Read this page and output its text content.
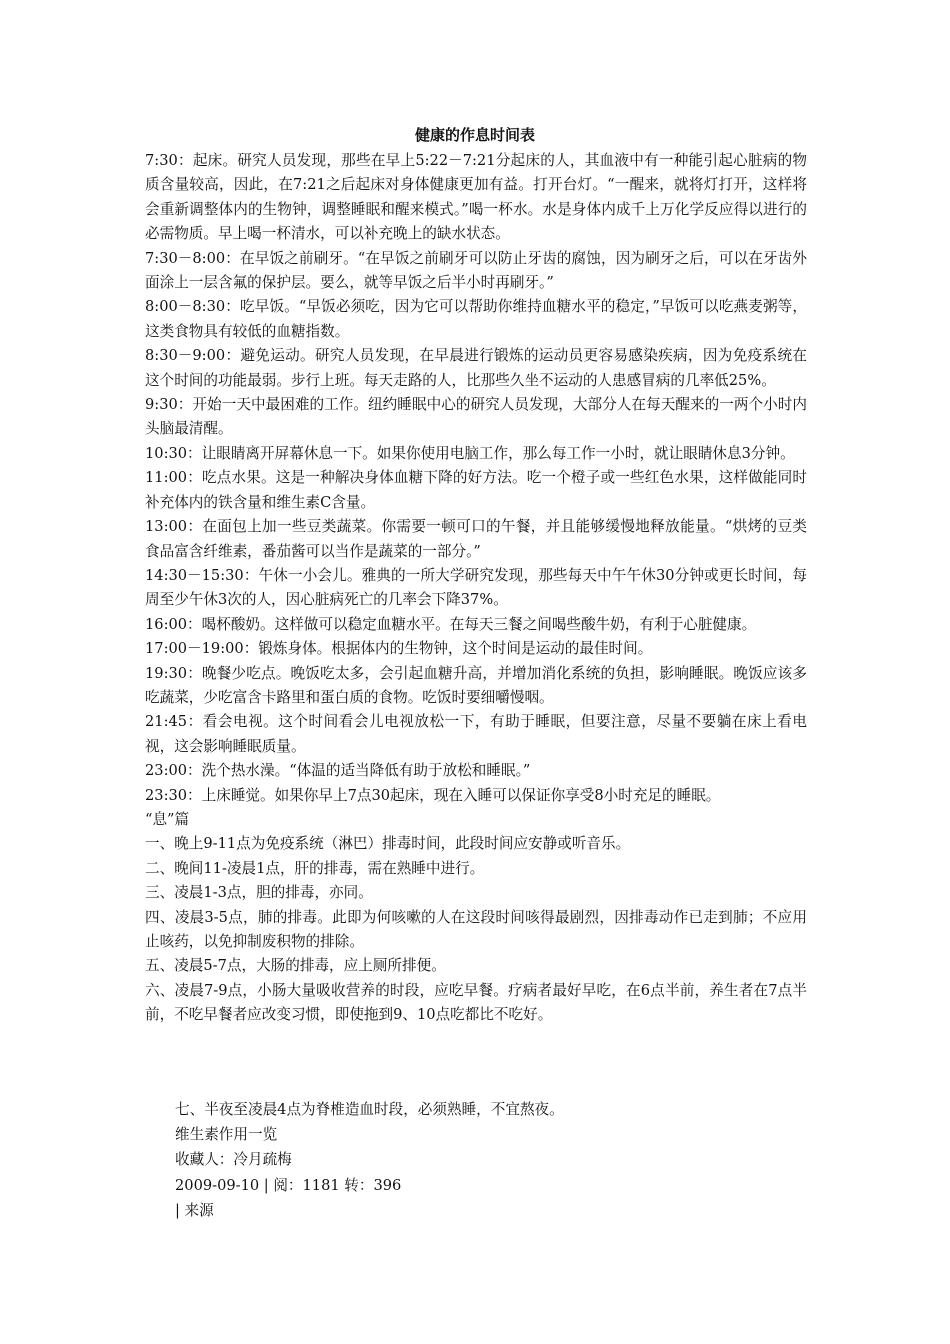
健康的作息时间表

7:30：起床。研究人员发现，那些在早上5:22－7:21分起床的人，其血液中有一种能引起心脏病的物质含量较高，因此，在7:21之后起床对身体健康更加有益。打开台灯。“一醒来，就将灯打开，这样将会重新调整体内的生物钟，调整睡眠和醒来模式。”喝一杯水。水是身体内成千上万化学反应得以进行的必需物质。早上喝一杯清水，可以补充晚上的缺水状态。

7:30－8:00：在早饭之前刷牙。“在早饭之前刷牙可以防止牙齿的腐蚀，因为刷牙之后，可以在牙齿外面涂上一层含氟的保护层。要么，就等早饭之后半小时再刷牙。”

8:00－8:30：吃早饭。“早饭必须吃，因为它可以帮助你维持血糖水平的稳定，”早饭可以吃燕麦粥等，这类食物具有较低的血糖指数。

8:30－9:00：避免运动。研究人员发现，在早晨进行锻炼的运动员更容易感染疾病，因为免疫系统在这个时间的功能最弱。步行上班。每天走路的人，比那些久坐不运动的人患感冒病的几率低25%。

9:30：开始一天中最困难的工作。纽约睡眠中心的研究人员发现，大部分人在每天醒来的一两个小时内头脑最清醒。

10:30：让眼睛离开屏幕休息一下。如果你使用电脑工作，那么每工作一小时，就让眼睛休息3分钟。

11:00：吃点水果。这是一种解决身体血糖下降的好方法。吃一个橙子或一些红色水果，这样做能同时补充体内的铁含量和维生素C含量。

13:00：在面包上加一些豆类蔬菜。你需要一顿可口的午餐，并且能够缓慢地释放能量。“烘烤的豆类食品富含纤维素，番茄酱可以当作是蔬菜的一部分。”

14:30－15:30：午休一小会儿。雅典的一所大学研究发现，那些每天中午午休30分钟或更长时间，每周至少午休3次的人，因心脏病死亡的几率会下降37%。

16:00：喝杯酸奶。这样做可以稳定血糖水平。在每天三餐之间喝些酸牛奶，有利于心脏健康。

17:00－19:00：锻炼身体。根据体内的生物钟，这个时间是运动的最佳时间。

19:30：晚餐少吃点。晚饭吃太多，会引起血糖升高，并增加消化系统的负担，影响睡眠。晚饭应该多吃蔬菜，少吃富含卡路里和蛋白质的食物。吃饭时要细嚼慢咽。

21:45：看会电视。这个时间看会儿电视放松一下，有助于睡眠，但要注意，尽量不要躺在床上看电视，这会影响睡眠质量。

23:00：洗个热水澡。“体温的适当降低有助于放松和睡眠。”

23:30：上床睡觉。如果你早上7点30起床，现在入睡可以保证你享受8小时充足的睡眠。

“息”篇

一、晚上9-11点为免疫系统（淋巴）排毒时间，此段时间应安静或听音乐。

二、晚间11-凌晨1点，肝的排毒，需在熟睡中进行。

三、凌晨1-3点，胆的排毒，亦同。

四、凌晨3-5点，肺的排毒。此即为何咳嗽的人在这段时间咳得最剧烈，因排毒动作已走到肺；不应用止咳药，以免抑制废积物的排除。

五、凌晨5-7点，大肠的排毒，应上厕所排便。

六、凌晨7-9点，小肠大量吸收营养的时段，应吃早餐。疗病者最好早吃，在6点半前，养生者在7点半前，不吃早餐者应改变习惯，即使拖到9、10点吃都比不吃好。

七、半夜至凌晨4点为脊椎造血时段，必须熟睡，不宜熬夜。

维生素作用一览

收藏人：冷月疏梅

2009-09-10 | 阅：1181 转：396

| 来源
